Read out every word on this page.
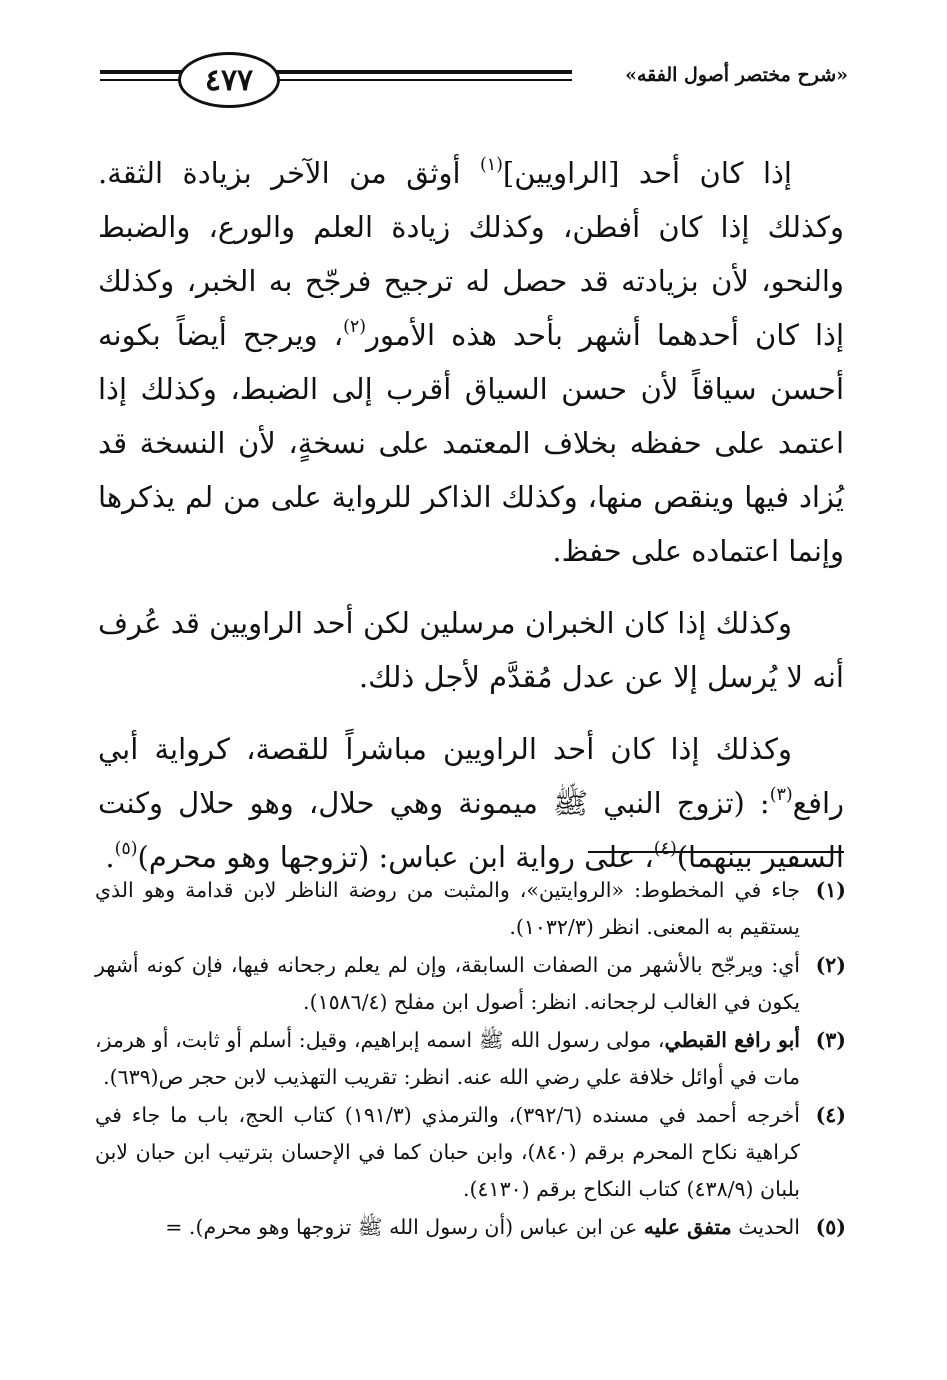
٤٧٧	«شرح مختصر أصول الفقه»

إذا كان أحد [الراويين]$^{(١)}$ أوثق من الآخر بزيادة الثقة. وكذلك إذا كان أفطن، وكذلك زيادة العلم والورع، والضبط والنحو، لأن بزيادته قد حصل له ترجيح فرجّح به الخبر، وكذلك إذا كان أحدهما أشهر بأحد هذه الأمور$^{(٢)}$، ويرجح أيضاً بكونه أحسن سياقاً لأن حسن السياق أقرب إلى الضبط، وكذلك إذا اعتمد على حفظه بخلاف المعتمد على نسخةٍ، لأن النسخة قد يُزاد فيها وينقص منها، وكذلك الذاكر للرواية على من لم يذكرها وإنما اعتماده على حفظ.

وكذلك إذا كان الخبران مرسلين لكن أحد الراويين قد عُرف أنه لا يُرسل إلا عن عدل مُقدَّم لأجل ذلك.

وكذلك إذا كان أحد الراويين مباشراً للقصة، كرواية أبي رافع$^{(٣)}$: (تزوج النبي ﷺ ميمونة وهي حلال، وهو حلال وكنت السفير بينهما)$^{(٤)}$، على رواية ابن عباس: (تزوجها وهو محرم)$^{(٥)}$.

(١)
جاء في المخطوط: «الروايتين»، والمثبت من روضة الناظر لابن قدامة وهو الذي يستقيم به المعنى. انظر (١٠٣٢/٣).
(٢)
أي: ويرجّح بالأشهر من الصفات السابقة، وإن لم يعلم رجحانه فيها، فإن كونه أشهر يكون في الغالب لرجحانه. انظر: أصول ابن مفلح (١٥٨٦/٤).
(٣)
أبو رافع القبطي، مولى رسول الله ﷺ اسمه إبراهيم، وقيل: أسلم أو ثابت، أو هرمز، مات في أوائل خلافة علي رضي الله عنه. انظر: تقريب التهذيب لابن حجر ص(٦٣٩).
(٤)
أخرجه أحمد في مسنده (٣٩٢/٦)، والترمذي (١٩١/٣) كتاب الحج، باب ما جاء في كراهية نكاح المحرم برقم (٨٤٠)، وابن حبان كما في الإحسان بترتيب ابن حبان لابن بلبان (٤٣٨/٩) كتاب النكاح برقم (٤١٣٠).
(٥)
الحديث متفق عليه عن ابن عباس (أن رسول الله ﷺ تزوجها وهو محرم). =
